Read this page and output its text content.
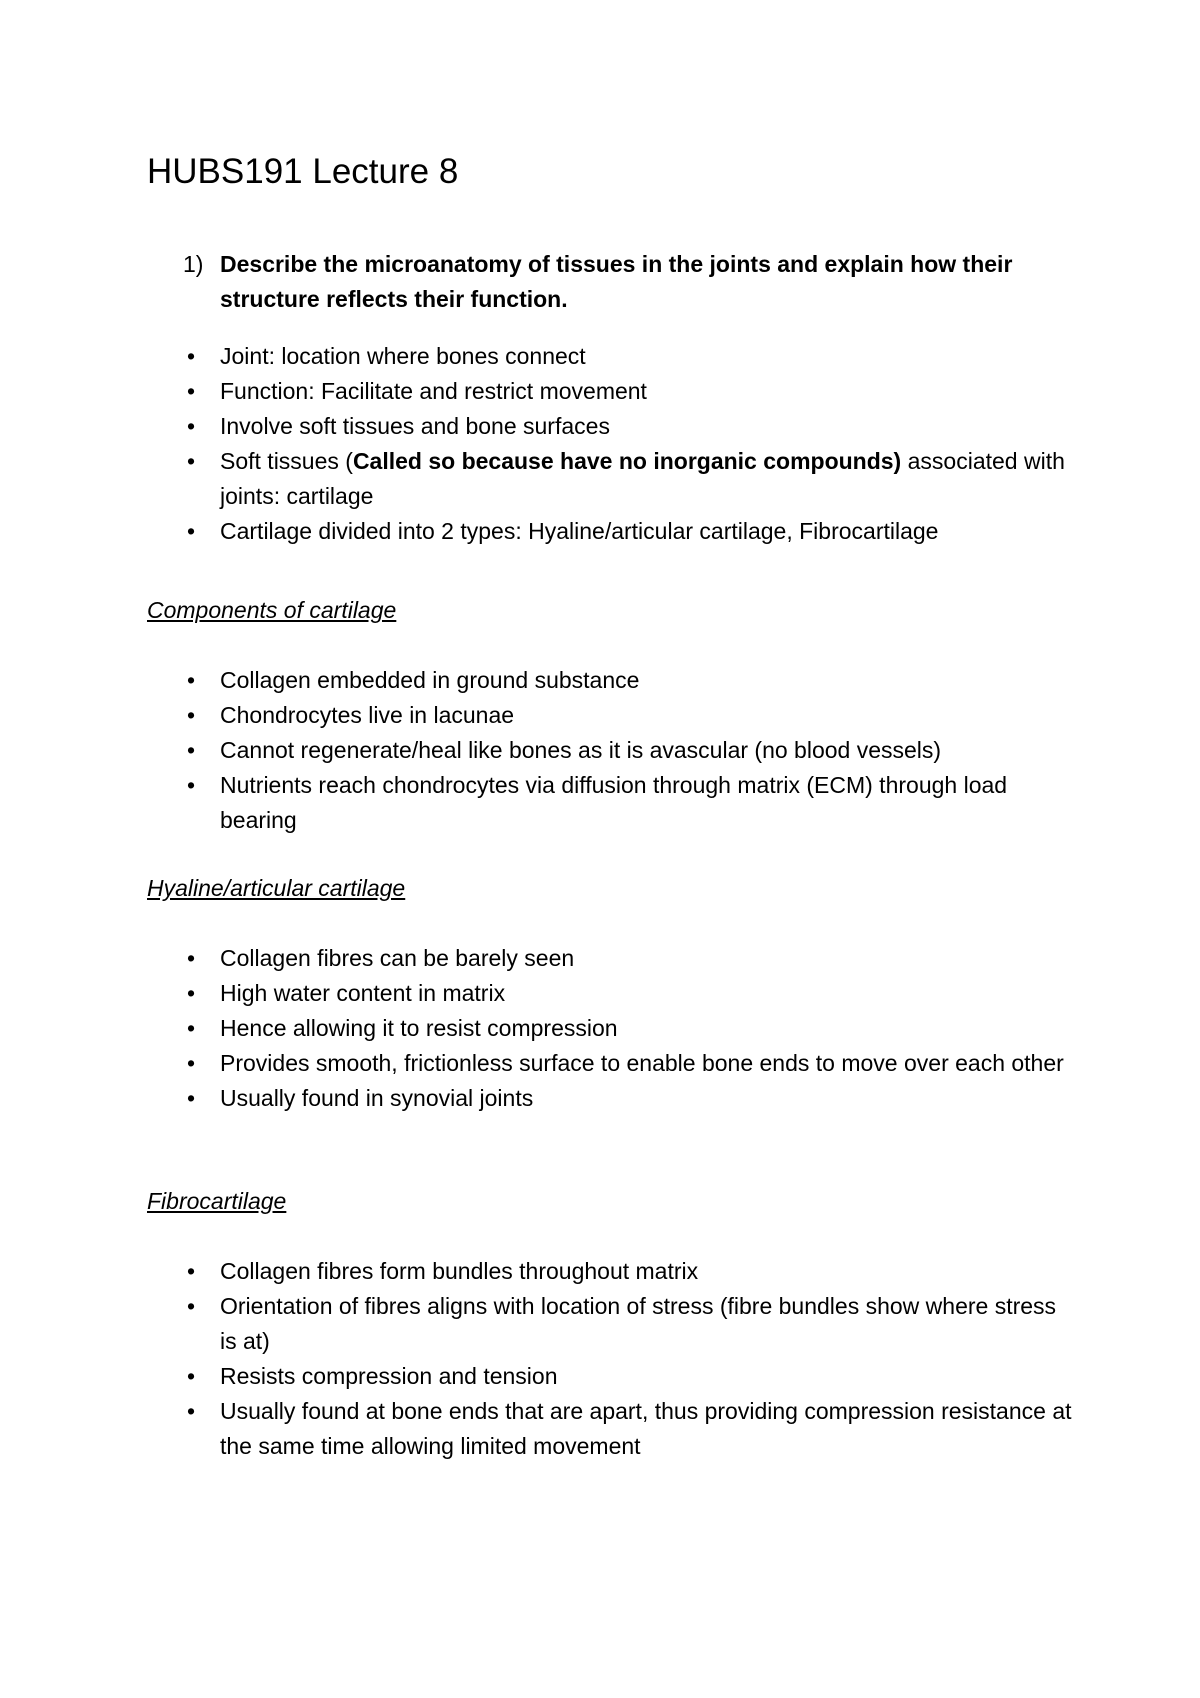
HUBS191 Lecture 8
1) Describe the microanatomy of tissues in the joints and explain how their structure reflects their function.
• Joint: location where bones connect
• Function: Facilitate and restrict movement
• Involve soft tissues and bone surfaces
• Soft tissues (Called so because have no inorganic compounds) associated with joints: cartilage
• Cartilage divided into 2 types: Hyaline/articular cartilage, Fibrocartilage
Components of cartilage
• Collagen embedded in ground substance
• Chondrocytes live in lacunae
• Cannot regenerate/heal like bones as it is avascular (no blood vessels)
• Nutrients reach chondrocytes via diffusion through matrix (ECM) through load bearing
Hyaline/articular cartilage
• Collagen fibres can be barely seen
• High water content in matrix
• Hence allowing it to resist compression
• Provides smooth, frictionless surface to enable bone ends to move over each other
• Usually found in synovial joints
Fibrocartilage
• Collagen fibres form bundles throughout matrix
• Orientation of fibres aligns with location of stress (fibre bundles show where stress is at)
• Resists compression and tension
• Usually found at bone ends that are apart, thus providing compression resistance at the same time allowing limited movement
